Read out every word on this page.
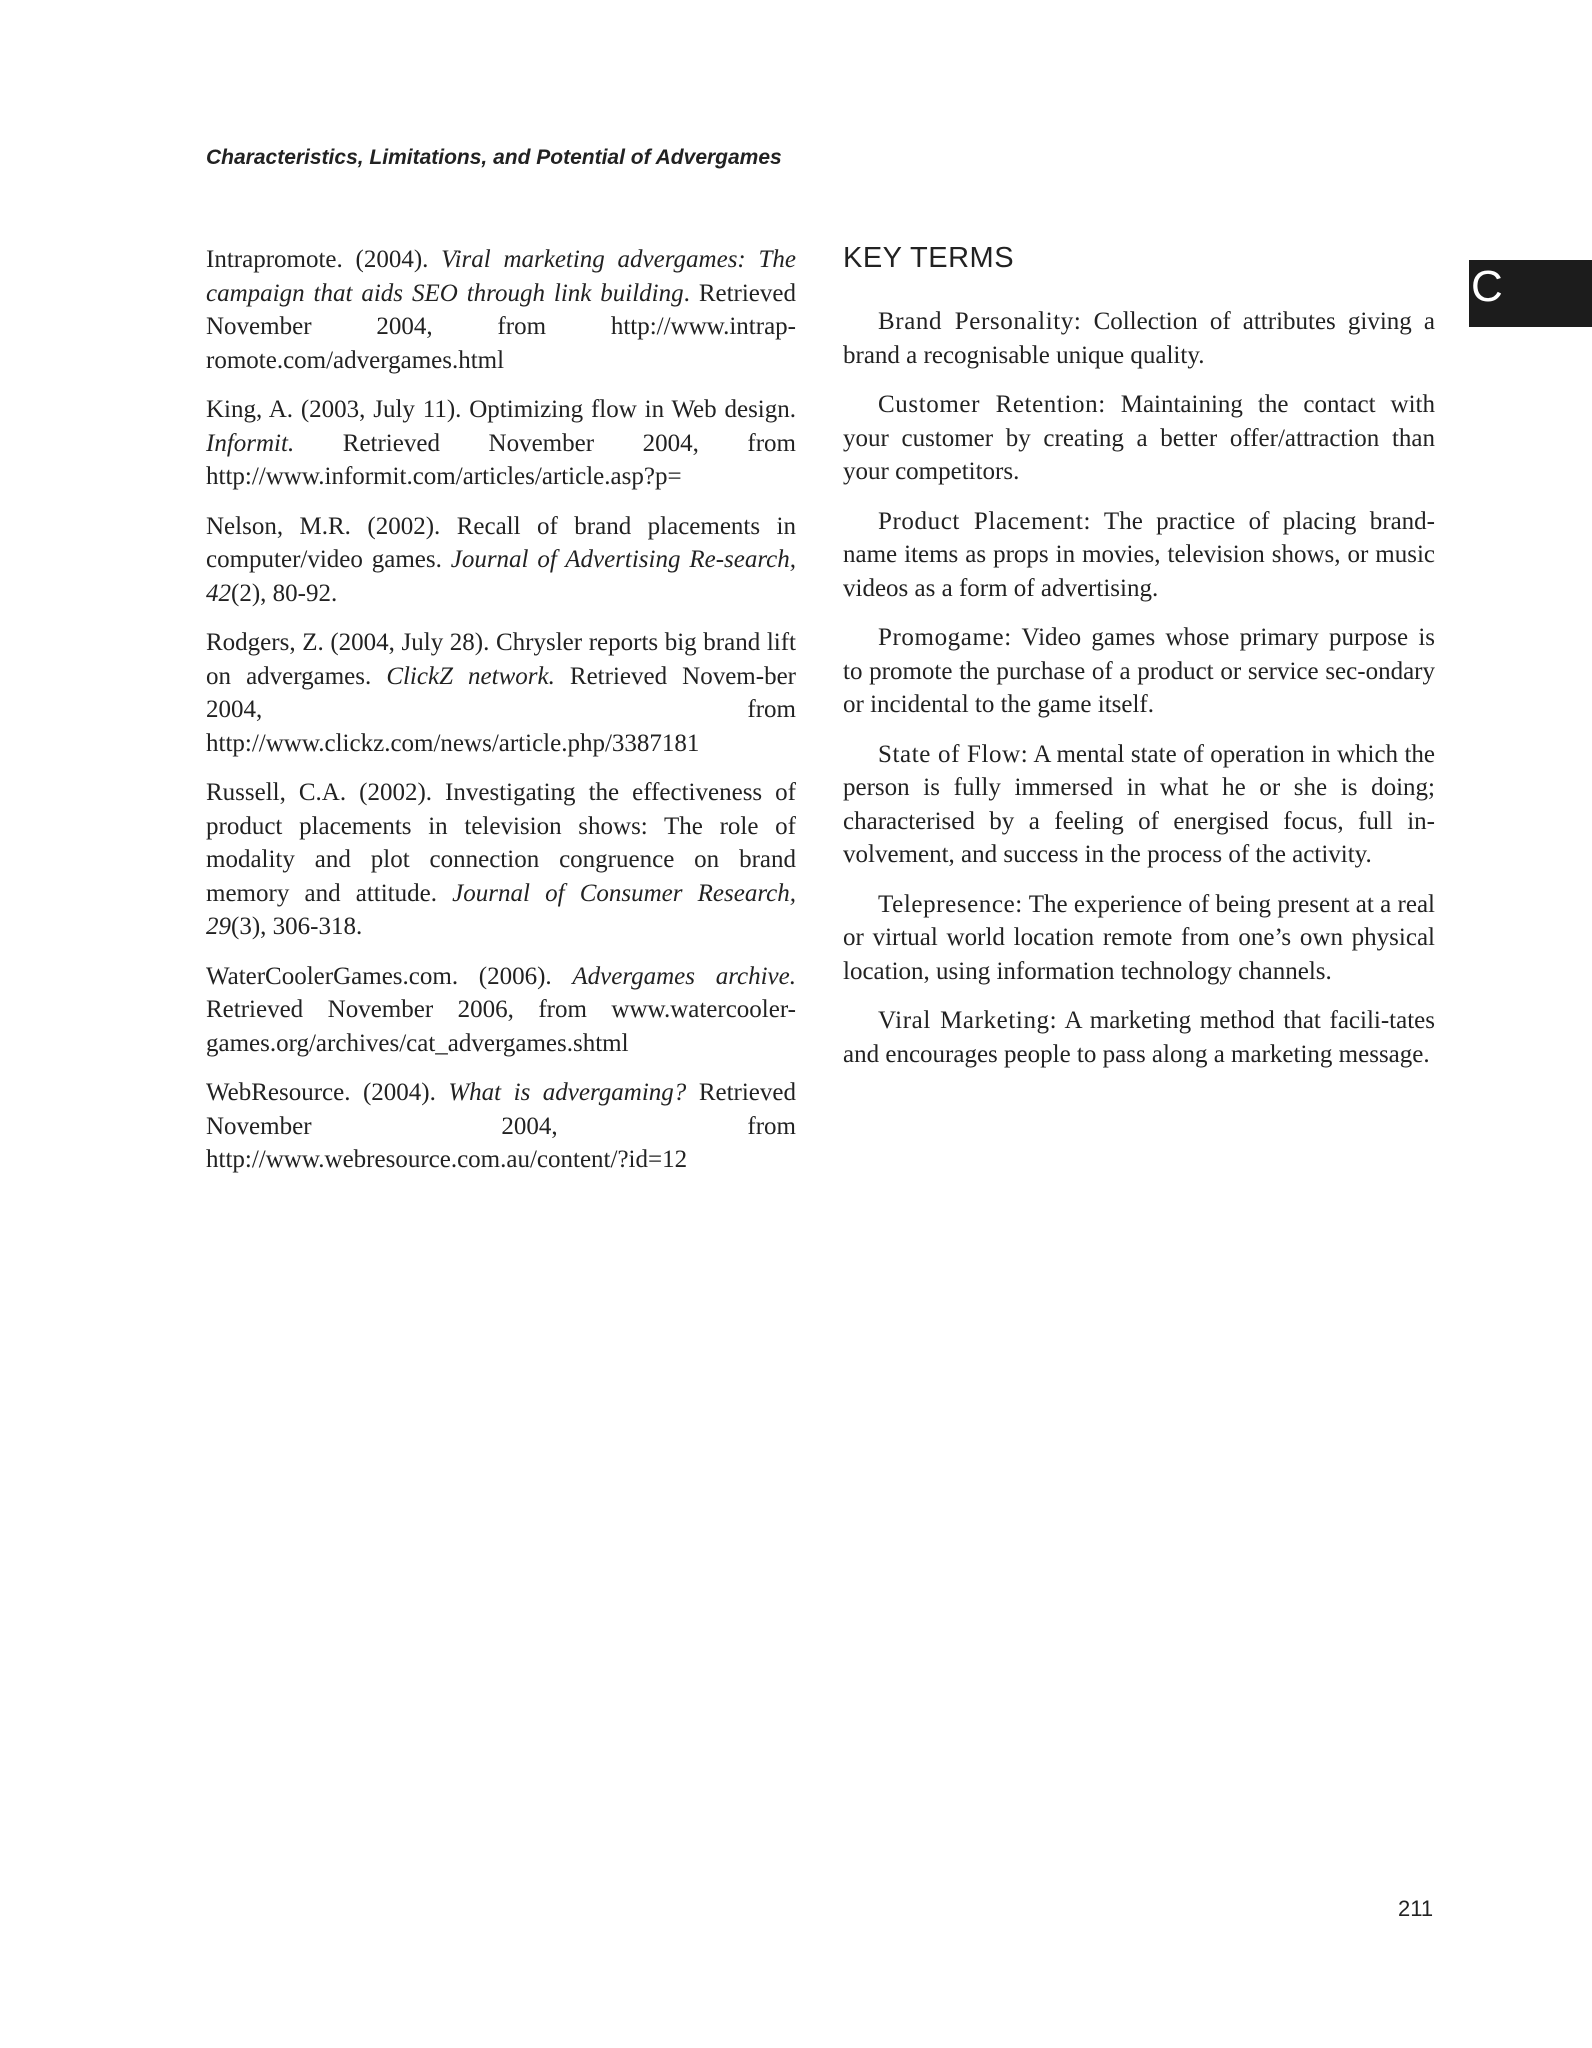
Characteristics, Limitations, and Potential of Advergames

Intrapromote. (2004). Viral marketing advergames: The campaign that aids SEO through link building. Retrieved November 2004, from http://www.intrap-romote.com/advergames.html

King, A. (2003, July 11). Optimizing flow in Web design. Informit. Retrieved November 2004, from http://www.informit.com/articles/article.asp?p=

Nelson, M.R. (2002). Recall of brand placements in computer/video games. Journal of Advertising Re-search, 42(2), 80-92.

Rodgers, Z. (2004, July 28). Chrysler reports big brand lift on advergames. ClickZ network. Retrieved Novem-ber 2004, from http://www.clickz.com/news/article.php/3387181

Russell, C.A. (2002). Investigating the effectiveness of product placements in television shows: The role of modality and plot connection congruence on brand memory and attitude. Journal of Consumer Research, 29(3), 306-318.

WaterCoolerGames.com. (2006). Advergames archive. Retrieved November 2006, from www.watercooler-games.org/archives/cat_advergames.shtml

WebResource. (2004). What is advergaming? Retrieved November 2004, from http://www.webresource.com.au/content/?id=12

KEY TERMS

Brand Personality: Collection of attributes giving a brand a recognisable unique quality.

Customer Retention: Maintaining the contact with your customer by creating a better offer/attraction than your competitors.

Product Placement: The practice of placing brand-name items as props in movies, television shows, or music videos as a form of advertising.

Promogame: Video games whose primary purpose is to promote the purchase of a product or service sec-ondary or incidental to the game itself.

State of Flow: A mental state of operation in which the person is fully immersed in what he or she is doing; characterised by a feeling of energised focus, full in-volvement, and success in the process of the activity.

Telepresence: The experience of being present at a real or virtual world location remote from one’s own physical location, using information technology channels.

Viral Marketing: A marketing method that facili-tates and encourages people to pass along a marketing message.

C
211
